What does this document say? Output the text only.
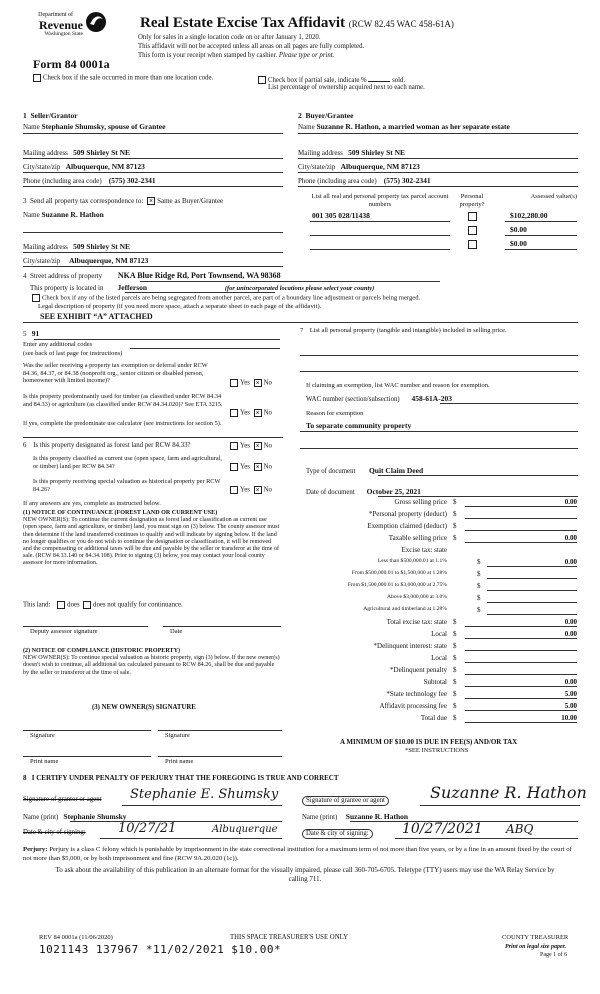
Department of
Revenue
Washington State
Real Estate Excise Tax Affidavit (RCW 82.45 WAC 458-61A)
Only for sales in a single location code on or after January 1, 2020.
This affidavit will not be accepted unless all areas on all pages are fully completed.
This form is your receipt when stamped by cashier. Please type or print.
Form 84 0001a
Check box if the sale occurred in more than one location code.	Check box if partial sale, indicate %	sold.
List percentage of ownership acquired next to each name.
1  Seller/Grantor
Name Stephanie Shumsky, spouse of Grantee
Mailing address 509 Shirley St NE
City/state/zip Albuquerque, NM 87123
Phone (including area code) (575) 302-2341
2  Buyer/Grantee
Name Suzanne R. Hathon, a married woman as her separate estate
Mailing address 509 Shirley St NE
City/state/zip Albuquerque, NM 87123
Phone (including area code) (575) 302-2341
3  Send all property tax correspondence to: × Same as Buyer/Grantee
Name Suzanne R. Hathon
Mailing address 509 Shirley St NE
City/state/zip Albuquerque, NM 87123
List all real and personal property tax parcel account numbers
Personal property?
Assessed value(s)
001 305 028/11438	$102,280.00
$0.00
$0.00
4  Street address of property NKA Blue Ridge Rd, Port Townsend, WA 98368
This property is located in Jefferson	(for unincorporated locations please select your county)
Check box if any of the listed parcels are being segregated from another parcel, are part of a boundary line adjustment or parcels being merged.
Legal description of property (if you need more space, attach a separate sheet to each page of the affidavit).
SEE EXHIBIT “A” ATTACHED
5   91
Enter any additional codes
(see back of last page for instructions)
Was the seller receiving a property tax exemption or deferral under RCW 84.36, 84.37, or 84.38 (nonprofit org., senior citizen or disabled person, homeowner with limited income)?	Yes × No
Is this property predominantly used for timber (as classified under RCW 84.34 and 84.33) or agriculture (as classified under RCW 84.34.020)? See ETA 3215.
Yes × No
If yes, complete the predominate use calculator (see instructions for section 5).
6    Is this property designated as forest land per RCW 84.33?	Yes × No
Is this property classified as current use (open space, farm and agricultural, or timber) land per RCW 84.34?	Yes × No
Is this property receiving special valuation as historical property per RCW 84.26?	Yes × No
If any answers are yes, complete as instructed below.
(1) NOTICE OF CONTINUANCE (FOREST LAND OR CURRENT USE)
NEW OWNER(S): To continue the current designation as forest land or classification as current use (open space, farm and agriculture, or timber) land, you must sign on (3) below. The county assessor must then determine if the land transferred continues to qualify and will indicate by signing below. If the land no longer qualifies or you do not wish to continue the designation or classification, it will be removed and the compensating or additional taxes will be due and payable by the seller or transferor at the time of sale. (RCW 84.33.140 or 84.34.108). Prior to signing (3) below, you may contact your local county assessor for more information.
This land: does does not qualify for continuance.
Deputy assessor signature	Date
(2) NOTICE OF COMPLIANCE (HISTORIC PROPERTY)
NEW OWNER(S): To continue special valuation as historic property, sign (3) below. If the new owner(s) doesn't wish to continue, all additional tax calculated pursuant to RCW 84.26, shall be due and payable by the seller or transferor at the time of sale.
(3) NEW OWNER(S) SIGNATURE
Signature	Signature
Print name	Print name
7    List all personal property (tangible and intangible) included in selling price.
If claiming an exemption, list WAC number and reason for exemption.
WAC number (section/subsection) 458-61A-203
Reason for exemption
To separate community property
Type of document Quit Claim Deed
Date of document October 25, 2021
Gross selling price $	0.00
*Personal property (deduct) $
Exemption claimed (deduct) $
Taxable selling price $	0.00
Excise tax: state
Less than $500,000.01 at 1.1%	$	0.00
From $500,000.01 to $1,500,000 at 1.28%	$
From $1,500,000.01 to $3,000,000 at 2.75%	$
Above $3,000,000 at 3.0%	$
Agricultural and timberland at 1.28%	$
Total excise tax: state $	0.00
Local $	0.00
*Delinquent interest: state $
Local $
*Delinquent penalty $
Subtotal $	0.00
*State technology fee $	5.00
Affidavit processing fee $	5.00
Total due $	10.00
A MINIMUM OF $10.00 IS DUE IN FEE(S) AND/OR TAX
*SEE INSTRUCTIONS
8   I CERTIFY UNDER PENALTY OF PERJURY THAT THE FOREGOING IS TRUE AND CORRECT
Signature of grantor or agent Stephanie E. Shumsky	Signature of grantee or agent	Suzanne R. Hathon
Name (print) Stephanie Shumsky	Name (print) Suzanne R. Hathon
Date & city of signing: 10/27/21	Albuquerque	Date & city of signing: 10/27/2021 ABQ
Perjury: Perjury is a class C felony which is punishable by imprisonment in the state correctional institution for a maximum term of not more than five years, or by a fine in an amount fixed by the court of not more than $5,000, or by both imprisonment and fine (RCW 9A.20.020 (1c)).
To ask about the availability of this publication in an alternate format for the visually impaired, please call 360-705-6705. Teletype (TTY) users may use the WA Relay Service by calling 711.
REV 84 0001a (11/06/2020)	THIS SPACE TREASURER'S USE ONLY	COUNTY TREASURER
1021143 137967 *11/02/2021 $10.00*	Print on legal size paper.
Page 1 of 6
